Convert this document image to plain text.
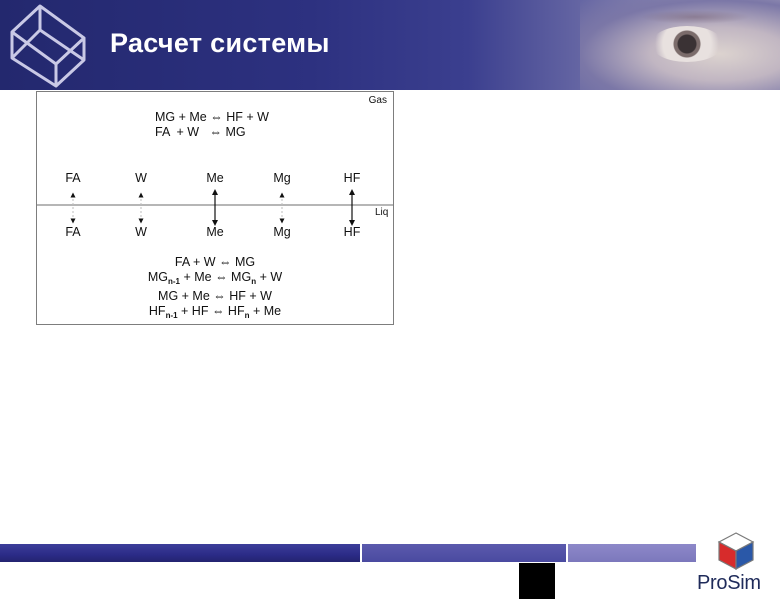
Расчет системы
Gas
MG + Me ⇔ HF + W
FA  + W   ⇔ MG
FA	W	Me	Mg	HF
Liq
FA	W	Me	Mg	HF
FA + W ⇔ MG
$MG_{n-1} + Me$ ⇔ $MG_n + W$
MG + Me ⇔ HF + W
$HF_{n-1}$ + HF ⇔ $HF_n + Me$
ProSim
